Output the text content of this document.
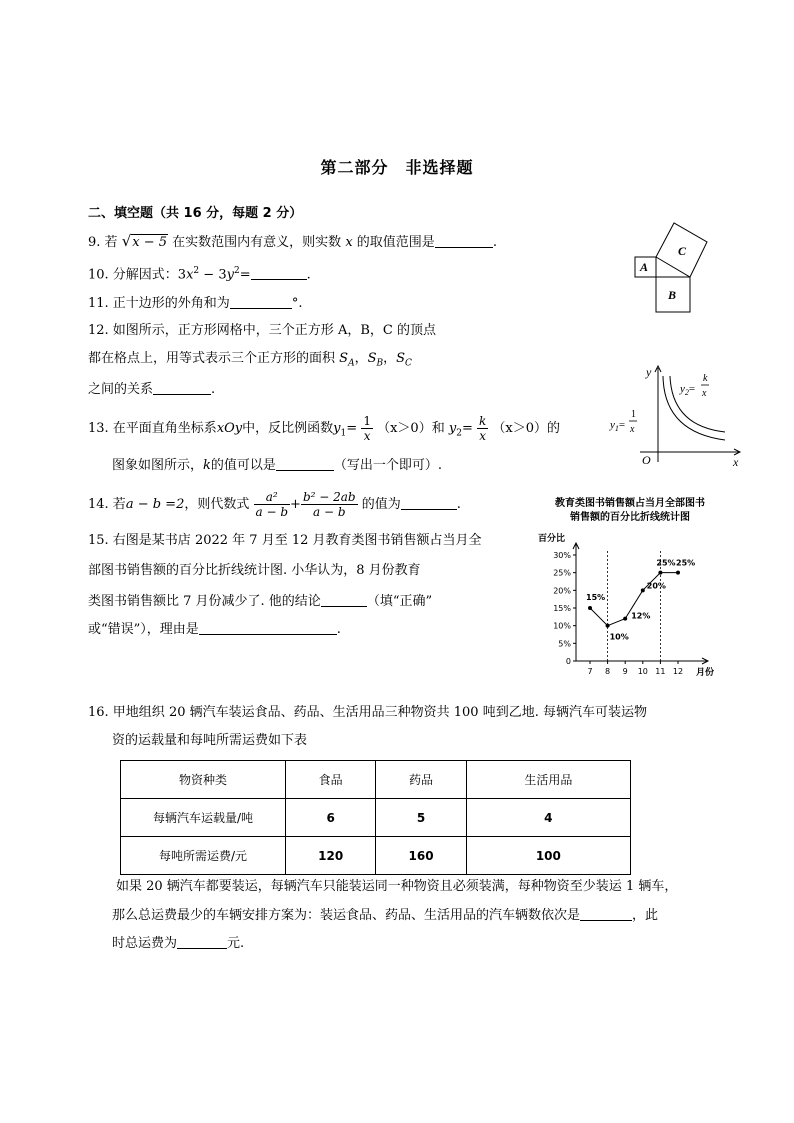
第二部分　非选择题
二、填空题（共 16 分，每题 2 分）
9. 若 √x − 5 在实数范围内有意义，则实数 x 的取值范围是	.
10. 分解因式：$3x^2 - 3y^2=$	.
11. 正十边形的外角和为	°.
12. 如图所示，正方形网格中，三个正方形 A，B，C 的顶点
都在格点上，用等式表示三个正方形的面积 $S_A$，$S_B$，$S_C$
之间的关系	.
13. 在平面直角坐标系xOy中，反比例函数$y_1= \frac{1}{x} (x>0)$和 $y_2= \frac{k}{x} (x>0)$的
图象如图所示，k的值可以是	（写出一个即可）.
14. 若a − b =2，则代数式 $\frac{\text{a²}}{a - b} + \frac{\text{b² − 2ab}}{a - b}$ 的值为	.
15. 右图是某书店 2022 年 7 月至 12 月教育类图书销售额占当月全
部图书销售额的百分比折线统计图. 小华认为，8 月份教育
类图书销售额比 7 月份减少了. 他的结论	（填“正确”
或“错误”），理由是	.
16. 甲地组织 20 辆汽车装运食品、药品、生活用品三种物资共 100 吨到乙地. 每辆汽车可装运物
资的运载量和每吨所需运费如下表
物资种类	食品	药品	生活用品
每辆汽车运载量/吨	6	5	4
每吨所需运费/元	120	160	100
如果 20 辆汽车都要装运，每辆汽车只能装运同一种物资且必须装满，每种物资至少装运 1 辆车，
那么总运费最少的车辆安排方案为：装运食品、药品、生活用品的汽车辆数依次是	，此
时总运费为	元.
A
B
C
y
x
O
$y_1=$
1
x
$y_2=$
k
x
教育类图书销售额占当月全部图书
销售额的百分比折线统计图
百分比
月份
0
5%
10%
15%
20%
25%
30%
7 8 9 10 11 12
15%
10%
12%
20%
25% 25%
